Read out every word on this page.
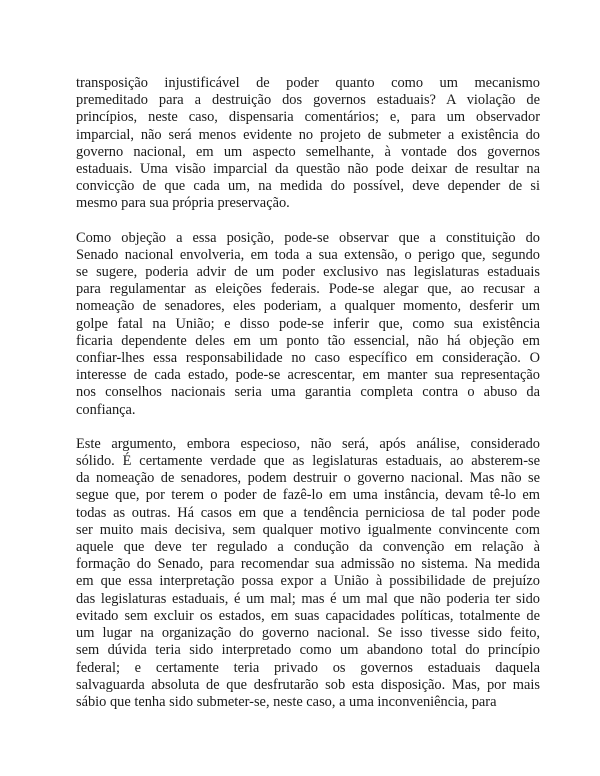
transposição injustificável de poder quanto como um mecanismo
premeditado para a destruição dos governos estaduais? A violação de
princípios, neste caso, dispensaria comentários; e, para um observador
imparcial, não será menos evidente no projeto de submeter a existência do
governo nacional, em um aspecto semelhante, à vontade dos governos
estaduais. Uma visão imparcial da questão não pode deixar de resultar na
convicção de que cada um, na medida do possível, deve depender de si
mesmo para sua própria preservação.

Como objeção a essa posição, pode-se observar que a constituição do
Senado nacional envolveria, em toda a sua extensão, o perigo que, segundo
se sugere, poderia advir de um poder exclusivo nas legislaturas estaduais
para regulamentar as eleições federais. Pode-se alegar que, ao recusar a
nomeação de senadores, eles poderiam, a qualquer momento, desferir um
golpe fatal na União; e disso pode-se inferir que, como sua existência
ficaria dependente deles em um ponto tão essencial, não há objeção em
confiar-lhes essa responsabilidade no caso específico em consideração. O
interesse de cada estado, pode-se acrescentar, em manter sua representação
nos conselhos nacionais seria uma garantia completa contra o abuso da
confiança.

Este argumento, embora especioso, não será, após análise, considerado
sólido. É certamente verdade que as legislaturas estaduais, ao absterem-se
da nomeação de senadores, podem destruir o governo nacional. Mas não se
segue que, por terem o poder de fazê-lo em uma instância, devam tê-lo em
todas as outras. Há casos em que a tendência perniciosa de tal poder pode
ser muito mais decisiva, sem qualquer motivo igualmente convincente com
aquele que deve ter regulado a condução da convenção em relação à
formação do Senado, para recomendar sua admissão no sistema. Na medida
em que essa interpretação possa expor a União à possibilidade de prejuízo
das legislaturas estaduais, é um mal; mas é um mal que não poderia ter sido
evitado sem excluir os estados, em suas capacidades políticas, totalmente de
um lugar na organização do governo nacional. Se isso tivesse sido feito,
sem dúvida teria sido interpretado como um abandono total do princípio
federal; e certamente teria privado os governos estaduais daquela
salvaguarda absoluta de que desfrutarão sob esta disposição. Mas, por mais
sábio que tenha sido submeter-se, neste caso, a uma inconveniência, para
